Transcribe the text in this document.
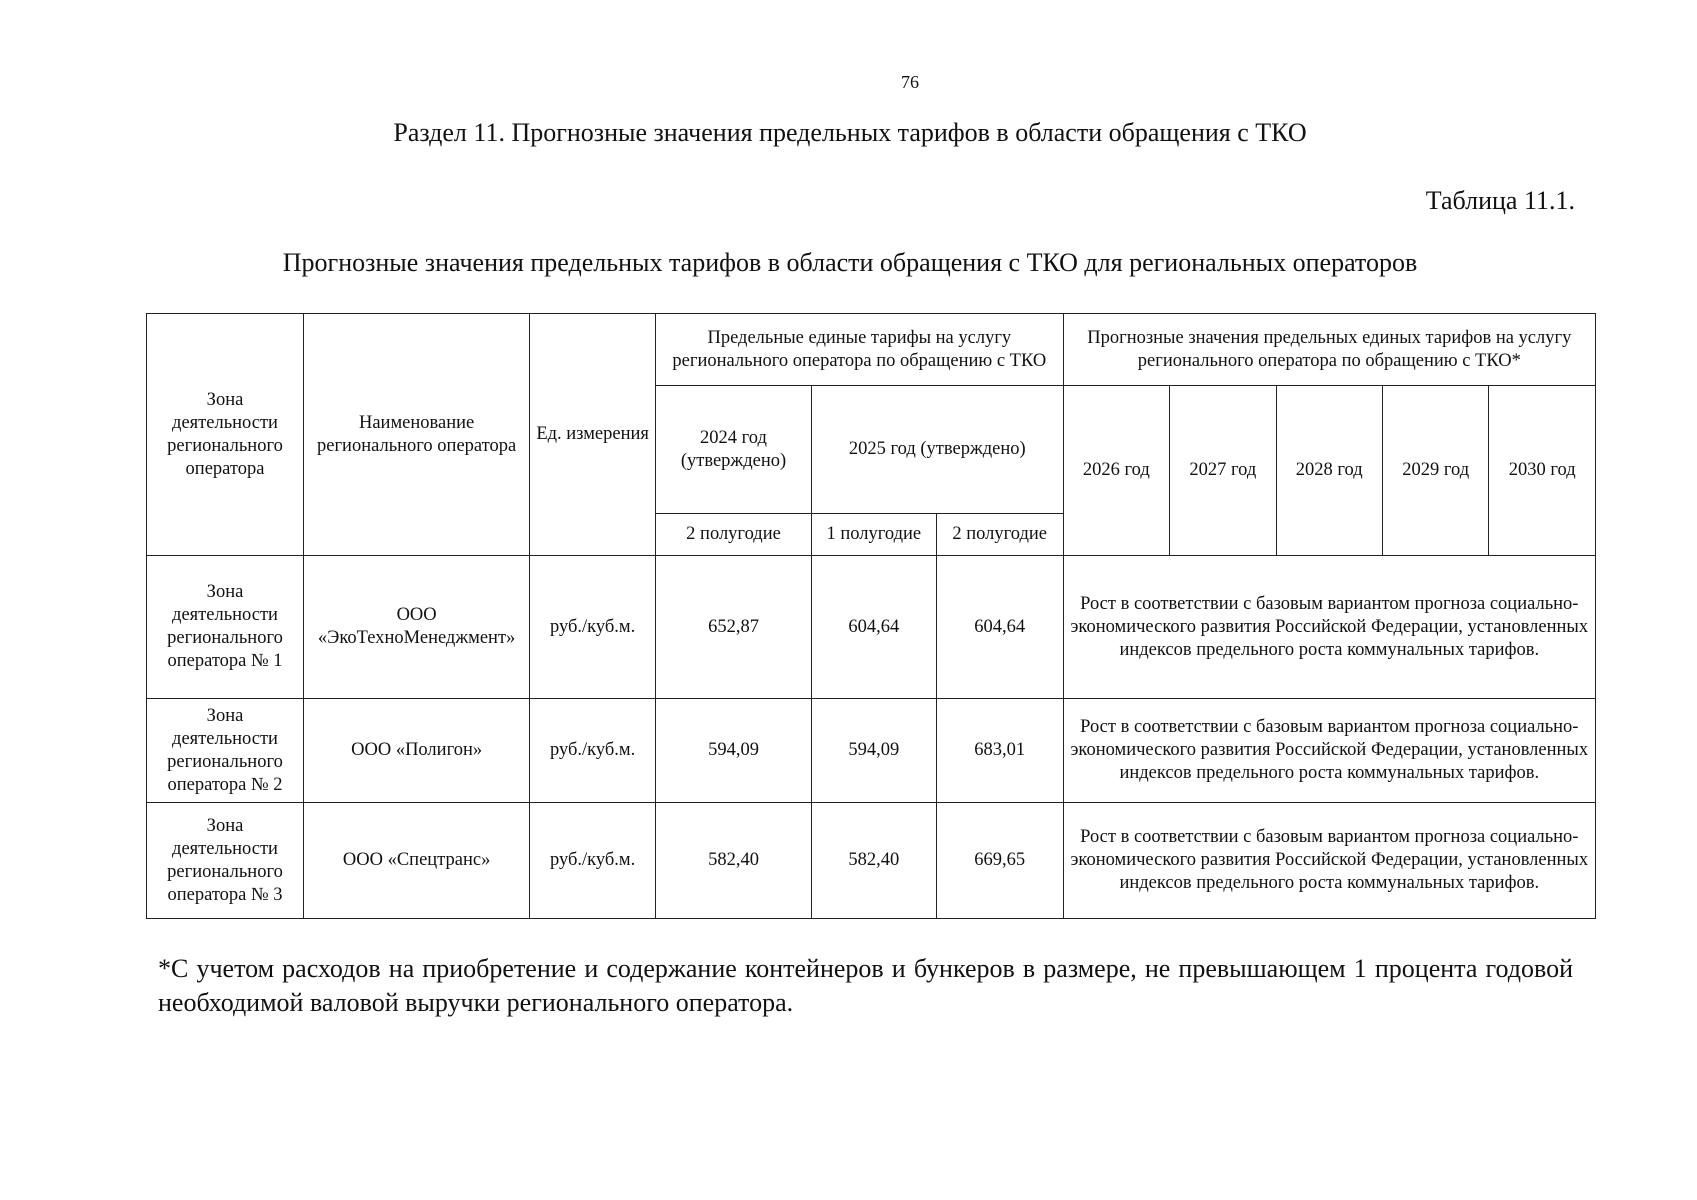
76
Раздел 11. Прогнозные значения предельных тарифов в области обращения с ТКО
Таблица 11.1.
Прогнозные значения предельных тарифов в области обращения с ТКО для региональных операторов
Зона деятельности регионального оператора	Наименование регионального оператора	Ед. измерения	Предельные единые тарифы на услугу регионального оператора по обращению с ТКО			Прогнозные значения предельных единых тарифов на услугу регионального оператора по обращению с ТКО*				
			2024 год (утверждено)	2025 год (утверждено)		2026 год	2027 год	2028 год	2029 год	2030 год
			2 полугодие	1 полугодие	2 полугодие					
Зона деятельности регионального оператора № 1	ООО «ЭкоТехноМенеджмент»	руб./куб.м.	652,87	604,64	604,64	Рост в соответствии с базовым вариантом прогноза социально-экономического развития Российской Федерации, установленных индексов предельного роста коммунальных тарифов.				
Зона деятельности регионального оператора № 2	ООО «Полигон»	руб./куб.м.	594,09	594,09	683,01	Рост в соответствии с базовым вариантом прогноза социально-экономического развития Российской Федерации, установленных индексов предельного роста коммунальных тарифов.				
Зона деятельности регионального оператора № 3	ООО «Спецтранс»	руб./куб.м.	582,40	582,40	669,65	Рост в соответствии с базовым вариантом прогноза социально-экономического развития Российской Федерации, установленных индексов предельного роста коммунальных тарифов.				
*С учетом расходов на приобретение и содержание контейнеров и бункеров в размере, не превышающем 1 процента годовой необходимой валовой выручки регионального оператора.
